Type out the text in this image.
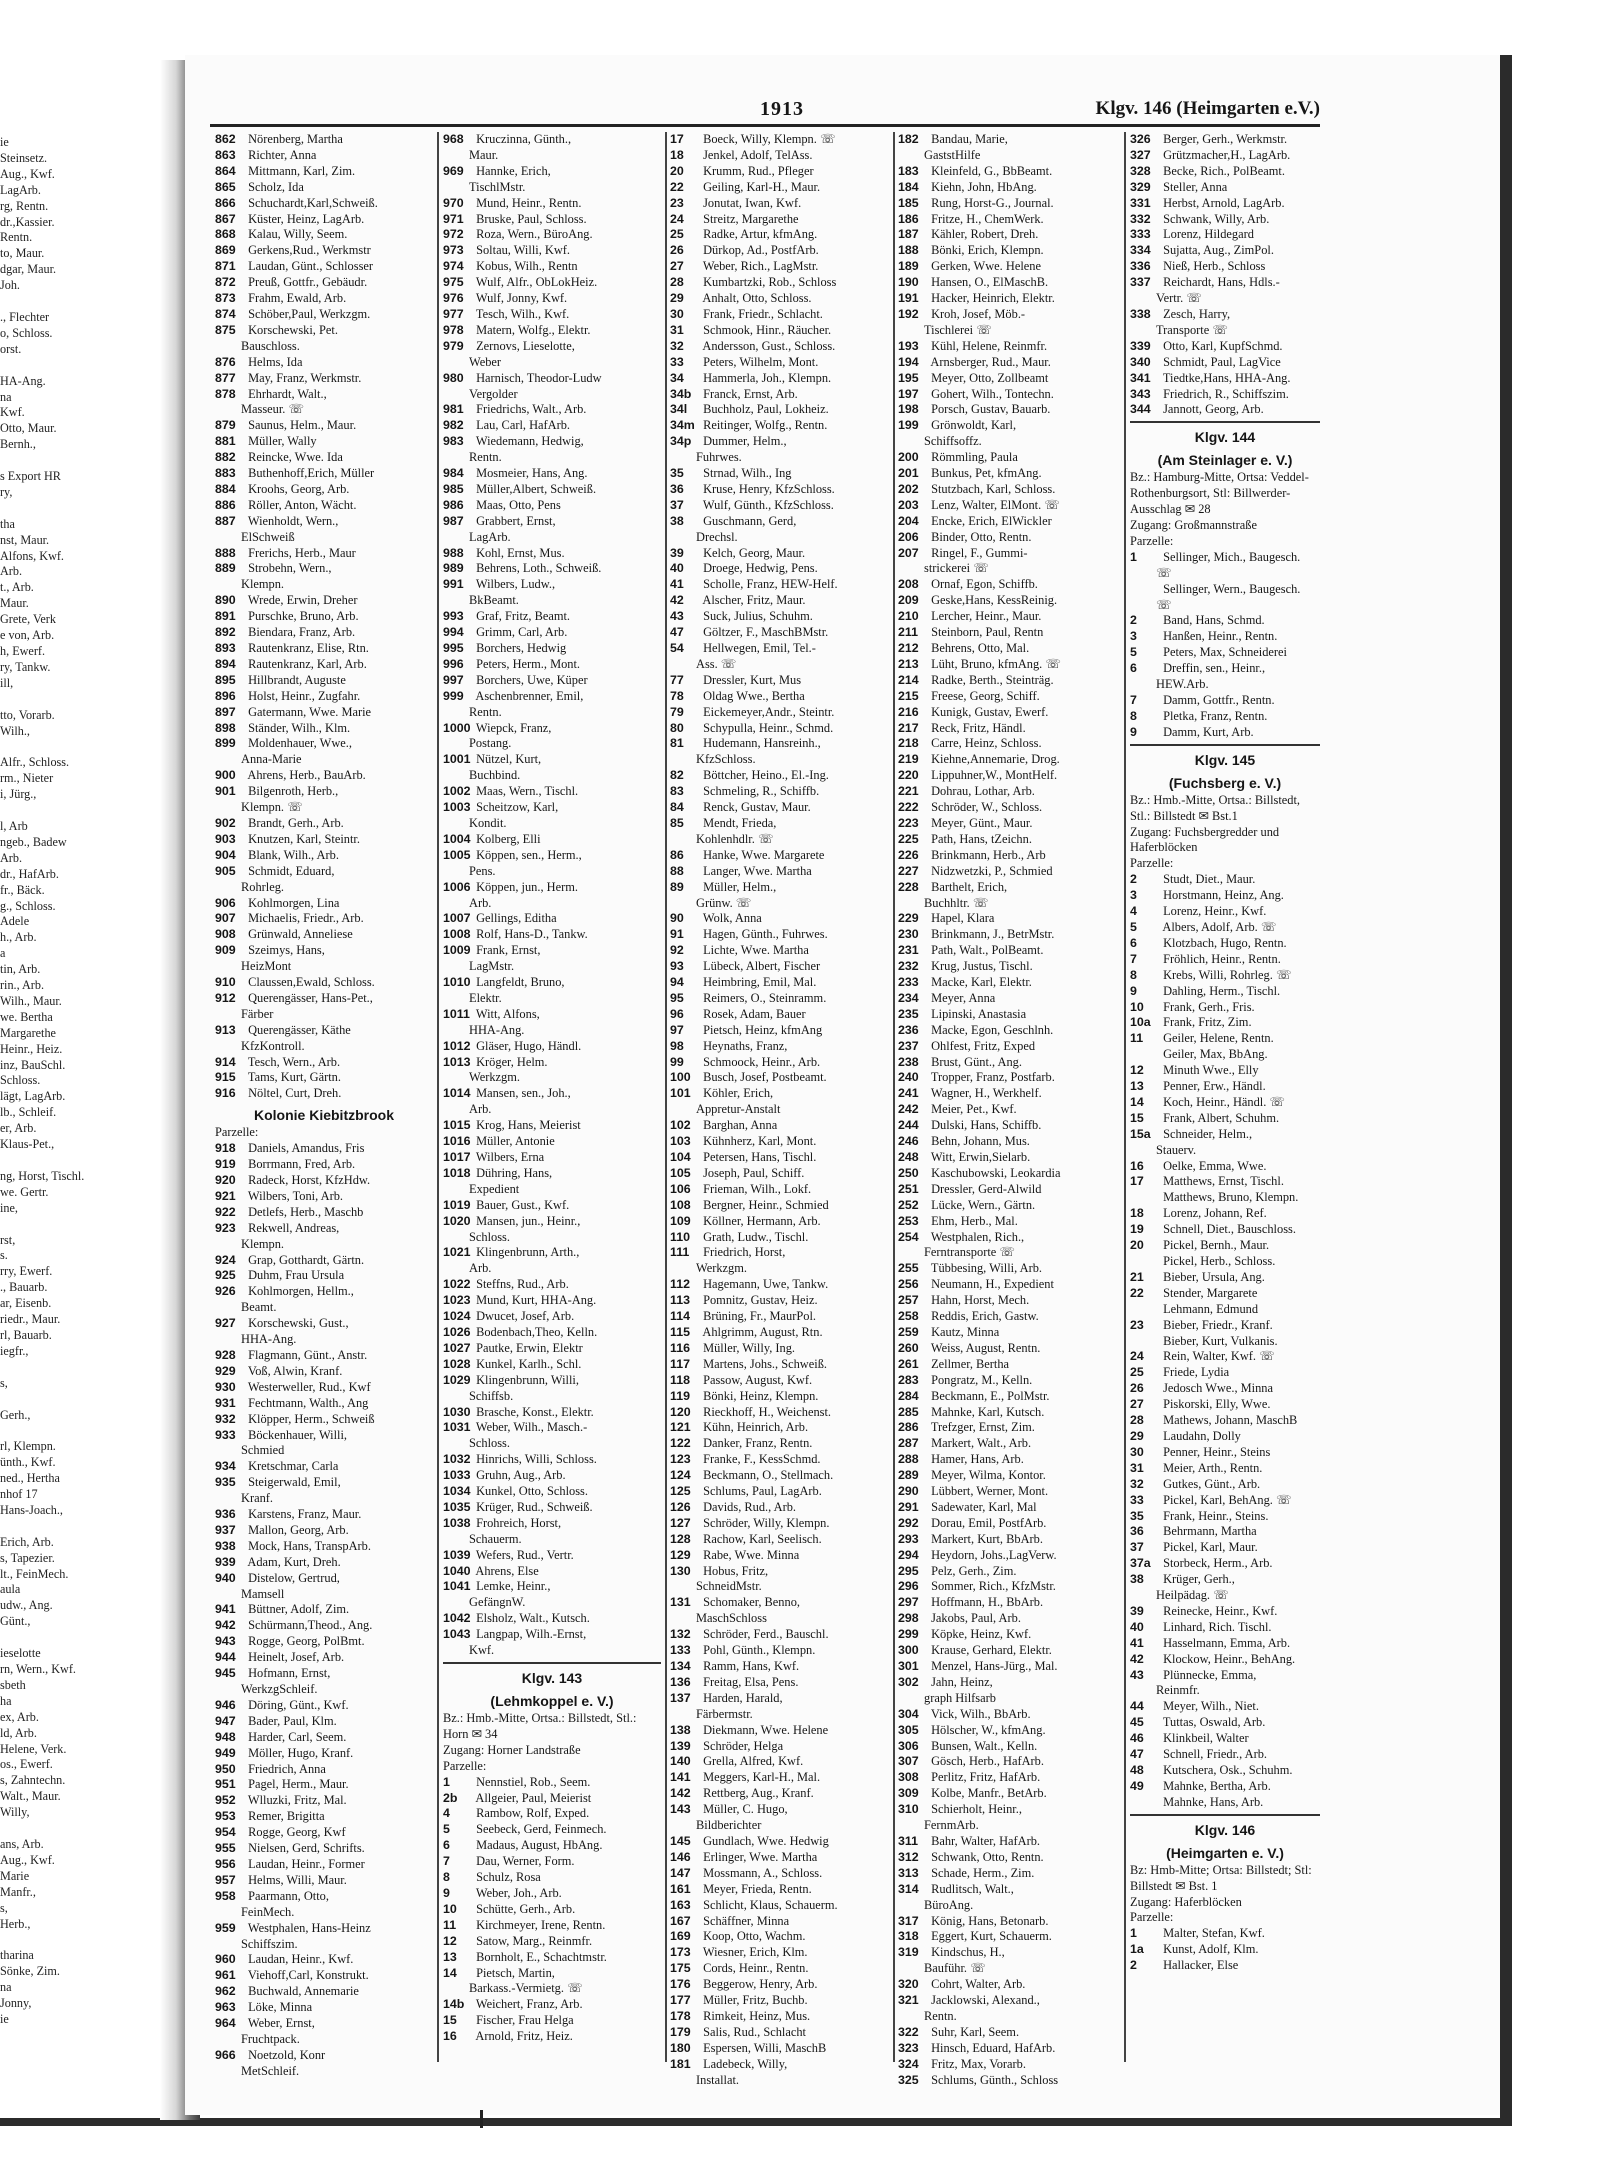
ie
Steinsetz.
Aug., Kwf.
LagArb.
rg, Rentn.
dr.,Kassier.
Rentn.
to, Maur.
dgar, Maur.
Joh.

., Flechter
o, Schloss.
orst.

HA-Ang.
na
Kwf.
Otto, Maur.
Bernh.,

s Export HR
ry,

tha
nst, Maur.
Alfons, Kwf.
Arb.
t., Arb.
Maur.
Grete, Verk
e von, Arb.
h, Ewerf.
ry, Tankw.
ill,

tto, Vorarb.
Wilh.,

Alfr., Schloss.
rm., Nieter
i, Jürg.,

l, Arb
ngeb., Badew
Arb.
dr., HafArb.
fr., Bäck.
g., Schloss.
Adele
h., Arb.
a
tin, Arb.
rin., Arb.
Wilh., Maur.
we. Bertha
Margarethe
Heinr., Heiz.
inz, BauSchl.
Schloss.
lägt, LagArb.
lb., Schleif.
er, Arb.
Klaus-Pet.,

ng, Horst, Tischl.
we. Gertr.
ine,

rst,
s.
rry, Ewerf.
., Bauarb.
ar, Eisenb.
riedr., Maur.
rl, Bauarb.
iegfr.,

s,

Gerh.,

rl, Klempn.
ünth., Kwf.
ned., Hertha
nhof 17
Hans-Joach.,

Erich, Arb.
s, Tapezier.
lt., FeinMech.
aula
udw., Ang.
Günt.,

ieselotte
rn, Wern., Kwf.
sbeth
ha
ex, Arb.
ld, Arb.
Helene, Verk.
os., Ewerf.
s, Zahntechn.
Walt., Maur.
Willy,

ans, Arb.
Aug., Kwf.
Marie
Manfr.,
s,
Herb.,

tharina
Sönke, Zim.
na
Jonny,
ie
1913	Klgv. 146 (Heimgarten e.V.)
862 Nörenberg, Martha
863 Richter, Anna
864 Mittmann, Karl, Zim.
865 Scholz, Ida
866 Schuchardt,Karl,Schweiß.
867 Küster, Heinz, LagArb.
868 Kalau, Willy, Seem.
869 Gerkens,Rud., Werkmstr
871 Laudan, Günt., Schlosser
872 Preuß, Gottfr., Gebäudr.
873 Frahm, Ewald, Arb.
874 Schöber,Paul, Werkzgm.
875 Korschewski, Pet.
Bauschloss.
876 Helms, Ida
877 May, Franz, Werkmstr.
878 Ehrhardt, Walt.,
Masseur. ☏
879 Saunus, Helm., Maur.
881 Müller, Wally
882 Reincke, Wwe. Ida
883 Buthenhoff,Erich, Müller
884 Kroohs, Georg, Arb.
886 Röller, Anton, Wächt.
887 Wienholdt, Wern.,
ElSchweiß
888 Frerichs, Herb., Maur
889 Strobehn, Wern.,
Klempn.
890 Wrede, Erwin, Dreher
891 Purschke, Bruno, Arb.
892 Biendara, Franz, Arb.
893 Rautenkranz, Elise, Rtn.
894 Rautenkranz, Karl, Arb.
895 Hillbrandt, Auguste
896 Holst, Heinr., Zugfahr.
897 Gatermann, Wwe. Marie
898 Ständer, Wilh., Klm.
899 Moldenhauer, Wwe.,
Anna-Marie
900 Ahrens, Herb., BauArb.
901 Bilgenroth, Herb.,
Klempn. ☏
902 Brandt, Gerh., Arb.
903 Knutzen, Karl, Steintr.
904 Blank, Wilh., Arb.
905 Schmidt, Eduard,
Rohrleg.
906 Kohlmorgen, Lina
907 Michaelis, Friedr., Arb.
908 Grünwald, Anneliese
909 Szeimys, Hans,
HeizMont
910 Claussen,Ewald, Schloss.
912 Querengässer, Hans-Pet.,
Färber
913 Querengässer, Käthe
KfzKontroll.
914 Tesch, Wern., Arb.
915 Tams, Kurt, Gärtn.
916 Nöltel, Curt, Dreh.
Kolonie Kiebitzbrook
Parzelle:
918 Daniels, Amandus, Fris
919 Borrmann, Fred, Arb.
920 Radeck, Horst, KfzHdw.
921 Wilbers, Toni, Arb.
922 Detlefs, Herb., Maschb
923 Rekwell, Andreas,
Klempn.
924 Grap, Gotthardt, Gärtn.
925 Duhm, Frau Ursula
926 Kohlmorgen, Hellm.,
Beamt.
927 Korschewski, Gust.,
HHA-Ang.
928 Flagmann, Günt., Anstr.
929 Voß, Alwin, Kranf.
930 Westerweller, Rud., Kwf
931 Fechtmann, Walth., Ang
932 Klöpper, Herm., Schweiß
933 Böckenhauer, Willi,
Schmied
934 Kretschmar, Carla
935 Steigerwald, Emil,
Kranf.
936 Karstens, Franz, Maur.
937 Mallon, Georg, Arb.
938 Mock, Hans, TranspArb.
939 Adam, Kurt, Dreh.
940 Distelow, Gertrud,
Mamsell
941 Büttner, Adolf, Zim.
942 Schürmann,Theod., Ang.
943 Rogge, Georg, PolBmt.
944 Heinelt, Josef, Arb.
945 Hofmann, Ernst,
WerkzgSchleif.
946 Döring, Günt., Kwf.
947 Bader, Paul, Klm.
948 Harder, Carl, Seem.
949 Möller, Hugo, Kranf.
950 Friedrich, Anna
951 Pagel, Herm., Maur.
952 Wlluzki, Fritz, Mal.
953 Remer, Brigitta
954 Rogge, Georg, Kwf
955 Nielsen, Gerd, Schrifts.
956 Laudan, Heinr., Former
957 Helms, Willi, Maur.
958 Paarmann, Otto,
FeinMech.
959 Westphalen, Hans-Heinz
Schiffszim.
960 Laudan, Heinr., Kwf.
961 Viehoff,Carl, Konstrukt.
962 Buchwald, Annemarie
963 Löke, Minna
964 Weber, Ernst,
Fruchtpack.
966 Noetzold, Konr
MetSchleif.
968 Kruczinna, Günth.,
Maur.
969 Hannke, Erich,
TischlMstr.
970 Mund, Heinr., Rentn.
971 Bruske, Paul, Schloss.
972 Roza, Wern., BüroAng.
973 Soltau, Willi, Kwf.
974 Kobus, Wilh., Rentn
975 Wulf, Alfr., ObLokHeiz.
976 Wulf, Jonny, Kwf.
977 Tesch, Wilh., Kwf.
978 Matern, Wolfg., Elektr.
979 Zernovs, Lieselotte,
Weber
980 Harnisch, Theodor-Ludw
Vergolder
981 Friedrichs, Walt., Arb.
982 Lau, Carl, HafArb.
983 Wiedemann, Hedwig,
Rentn.
984 Mosmeier, Hans, Ang.
985 Müller,Albert, Schweiß.
986 Maas, Otto, Pens
987 Grabbert, Ernst,
LagArb.
988 Kohl, Ernst, Mus.
989 Behrens, Loth., Schweiß.
991 Wilbers, Ludw.,
BkBeamt.
993 Graf, Fritz, Beamt.
994 Grimm, Carl, Arb.
995 Borchers, Hedwig
996 Peters, Herm., Mont.
997 Borchers, Uwe, Küper
999 Aschenbrenner, Emil,
Rentn.
1000 Wiepck, Franz,
Postang.
1001 Nützel, Kurt,
Buchbind.
1002 Maas, Wern., Tischl.
1003 Scheitzow, Karl,
Kondit.
1004 Kolberg, Elli
1005 Köppen, sen., Herm.,
Pens.
1006 Köppen, jun., Herm.
Arb.
1007 Gellings, Editha
1008 Rolf, Hans-D., Tankw.
1009 Frank, Ernst,
LagMstr.
1010 Langfeldt, Bruno,
Elektr.
1011 Witt, Alfons,
HHA-Ang.
1012 Gläser, Hugo, Händl.
1013 Kröger, Helm.
Werkzgm.
1014 Mansen, sen., Joh.,
Arb.
1015 Krog, Hans, Meierist
1016 Müller, Antonie
1017 Wilbers, Erna
1018 Dühring, Hans,
Expedient
1019 Bauer, Gust., Kwf.
1020 Mansen, jun., Heinr.,
Schloss.
1021 Klingenbrunn, Arth.,
Arb.
1022 Steffns, Rud., Arb.
1023 Mund, Kurt, HHA-Ang.
1024 Dwucet, Josef, Arb.
1026 Bodenbach,Theo, Kelln.
1027 Pautke, Erwin, Elektr
1028 Kunkel, Karlh., Schl.
1029 Klingenbrunn, Willi,
Schiffsb.
1030 Brasche, Konst., Elektr.
1031 Weber, Wilh., Masch.-
Schloss.
1032 Hinrichs, Willi, Schloss.
1033 Gruhn, Aug., Arb.
1034 Kunkel, Otto, Schloss.
1035 Krüger, Rud., Schweiß.
1038 Frohreich, Horst,
Schauerm.
1039 Wefers, Rud., Vertr.
1040 Ahrens, Else
1041 Lemke, Heinr.,
GefängnW.
1042 Elsholz, Walt., Kutsch.
1043 Langpap, Wilh.-Ernst,
Kwf.
Klgv. 143
(Lehmkoppel e. V.)
Bz.: Hmb.-Mitte, Ortsa.: Billstedt, Stl.: Horn ✉ 34
Zugang: Horner Landstraße
Parzelle:
1 Nennstiel, Rob., Seem.
2b Allgeier, Paul, Meierist
4 Rambow, Rolf, Exped.
5 Seebeck, Gerd, Feinmech.
6 Madaus, August, HbAng.
7 Dau, Werner, Form.
8 Schulz, Rosa
9 Weber, Joh., Arb.
10 Schütte, Gerh., Arb.
11 Kirchmeyer, Irene, Rentn.
12 Satow, Marg., Reinmfr.
13 Bornholt, E., Schachtmstr.
14 Pietsch, Martin,
Barkass.-Vermietg. ☏
14b Weichert, Franz, Arb.
15 Fischer, Frau Helga
16 Arnold, Fritz, Heiz.
17 Boeck, Willy, Klempn. ☏
18 Jenkel, Adolf, TelAss.
20 Krumm, Rud., Pfleger
22 Geiling, Karl-H., Maur.
23 Jonutat, Iwan, Kwf.
24 Streitz, Margarethe
25 Radke, Artur, kfmAng.
26 Dürkop, Ad., PostfArb.
27 Weber, Rich., LagMstr.
28 Kumbartzki, Rob., Schloss
29 Anhalt, Otto, Schloss.
30 Frank, Friedr., Schlacht.
31 Schmook, Hinr., Räucher.
32 Andersson, Gust., Schloss.
33 Peters, Wilhelm, Mont.
34 Hammerla, Joh., Klempn.
34b Franck, Ernst, Arb.
34l Buchholz, Paul, Lokheiz.
34m Reitinger, Wolfg., Rentn.
34p Dummer, Helm.,
Fuhrwes.
35 Strnad, Wilh., Ing
36 Kruse, Henry, KfzSchloss.
37 Wulf, Günth., KfzSchloss.
38 Guschmann, Gerd,
Drechsl.
39 Kelch, Georg, Maur.
40 Droege, Hedwig, Pens.
41 Scholle, Franz, HEW-Helf.
42 Alscher, Fritz, Maur.
43 Suck, Julius, Schuhm.
47 Göltzer, F., MaschBMstr.
54 Hellwegen, Emil, Tel.-
Ass. ☏
77 Dressler, Kurt, Mus
78 Oldag Wwe., Bertha
79 Eickemeyer,Andr., Steintr.
80 Schypulla, Heinr., Schmd.
81 Hudemann, Hansreinh.,
KfzSchloss.
82 Böttcher, Heino., El.-Ing.
83 Schmeling, R., Schiffb.
84 Renck, Gustav, Maur.
85 Mendt, Frieda,
Kohlenhdlr. ☏
86 Hanke, Wwe. Margarete
88 Langer, Wwe. Martha
89 Müller, Helm.,
Grünw. ☏
90 Wolk, Anna
91 Hagen, Günth., Fuhrwes.
92 Lichte, Wwe. Martha
93 Lübeck, Albert, Fischer
94 Heimbring, Emil, Mal.
95 Reimers, O., Steinramm.
96 Rosek, Adam, Bauer
97 Pietsch, Heinz, kfmAng
98 Heynaths, Franz,
99 Schmoock, Heinr., Arb.
100 Busch, Josef, Postbeamt.
101 Köhler, Erich,
Appretur-Anstalt
102 Barghan, Anna
103 Kühnherz, Karl, Mont.
104 Petersen, Hans, Tischl.
105 Joseph, Paul, Schiff.
106 Frieman, Wilh., Lokf.
108 Bergner, Heinr., Schmied
109 Köllner, Hermann, Arb.
110 Grath, Ludw., Tischl.
111 Friedrich, Horst,
Werkzgm.
112 Hagemann, Uwe, Tankw.
113 Pomnitz, Gustav, Heiz.
114 Brüning, Fr., MaurPol.
115 Ahlgrimm, August, Rtn.
116 Müller, Willy, Ing.
117 Martens, Johs., Schweiß.
118 Passow, August, Kwf.
119 Bönki, Heinz, Klempn.
120 Rieckhoff, H., Weichenst.
121 Kühn, Heinrich, Arb.
122 Danker, Franz, Rentn.
123 Franke, F., KessSchmd.
124 Beckmann, O., Stellmach.
125 Schlums, Paul, LagArb.
126 Davids, Rud., Arb.
127 Schröder, Willy, Klempn.
128 Rachow, Karl, Seelisch.
129 Rabe, Wwe. Minna
130 Hobus, Fritz,
SchneidMstr.
131 Schomaker, Benno,
MaschSchloss
132 Schröder, Ferd., Bauschl.
133 Pohl, Günth., Klempn.
134 Ramm, Hans, Kwf.
136 Freitag, Elsa, Pens.
137 Harden, Harald,
Färbermstr.
138 Diekmann, Wwe. Helene
139 Schröder, Helga
140 Grella, Alfred, Kwf.
141 Meggers, Karl-H., Mal.
142 Rettberg, Aug., Kranf.
143 Müller, C. Hugo,
Bildberichter
145 Gundlach, Wwe. Hedwig
146 Erlinger, Wwe. Martha
147 Mossmann, A., Schloss.
161 Meyer, Frieda, Rentn.
163 Schlicht, Klaus, Schauerm.
167 Schäffner, Minna
169 Koop, Otto, Wachm.
173 Wiesner, Erich, Klm.
175 Cords, Heinr., Rentn.
176 Beggerow, Henry, Arb.
177 Müller, Fritz, Buchb.
178 Rimkeit, Heinz, Mus.
179 Salis, Rud., Schlacht
180 Espersen, Willi, MaschB
181 Ladebeck, Willy,
Installat.
182 Bandau, Marie,
GaststHilfe
183 Kleinfeld, G., BbBeamt.
184 Kiehn, John, HbAng.
185 Rung, Horst-G., Journal.
186 Fritze, H., ChemWerk.
187 Kähler, Robert, Dreh.
188 Bönki, Erich, Klempn.
189 Gerken, Wwe. Helene
190 Hansen, O., ElMaschB.
191 Hacker, Heinrich, Elektr.
192 Kroh, Josef, Möb.-
Tischlerei ☏
193 Kühl, Helene, Reinmfr.
194 Arnsberger, Rud., Maur.
195 Meyer, Otto, Zollbeamt
197 Gohert, Wilh., Tontechn.
198 Porsch, Gustav, Bauarb.
199 Grönwoldt, Karl,
Schiffsoffz.
200 Römmling, Paula
201 Bunkus, Pet, kfmAng.
202 Stutzbach, Karl, Schloss.
203 Lenz, Walter, ElMont. ☏
204 Encke, Erich, ElWickler
206 Binder, Otto, Rentn.
207 Ringel, F., Gummi-
strickerei ☏
208 Ornaf, Egon, Schiffb.
209 Geske,Hans, KessReinig.
210 Lercher, Heinr., Maur.
211 Steinborn, Paul, Rentn
212 Behrens, Otto, Mal.
213 Lüht, Bruno, kfmAng. ☏
214 Radke, Berth., Steinträg.
215 Freese, Georg, Schiff.
216 Kunigk, Gustav, Ewerf.
217 Reck, Fritz, Händl.
218 Carre, Heinz, Schloss.
219 Kiehne,Annemarie, Drog.
220 Lippuhner,W., MontHelf.
221 Dohrau, Lothar, Arb.
222 Schröder, W., Schloss.
223 Meyer, Günt., Maur.
225 Path, Hans, tZeichn.
226 Brinkmann, Herb., Arb
227 Nidzwetzki, P., Schmied
228 Barthelt, Erich,
Buchhltr. ☏
229 Hapel, Klara
230 Brinkmann, J., BetrMstr.
231 Path, Walt., PolBeamt.
232 Krug, Justus, Tischl.
233 Macke, Karl, Elektr.
234 Meyer, Anna
235 Lipinski, Anastasia
236 Macke, Egon, Geschlnh.
237 Ohlfest, Fritz, Exped
238 Brust, Günt., Ang.
240 Tropper, Franz, Postfarb.
241 Wagner, H., Werkhelf.
242 Meier, Pet., Kwf.
244 Dulski, Hans, Schiffb.
246 Behn, Johann, Mus.
248 Witt, Erwin,Sielarb.
250 Kaschubowski, Leokardia
251 Dressler, Gerd-Alwild
252 Lücke, Wern., Gärtn.
253 Ehm, Herb., Mal.
254 Westphalen, Rich.,
Ferntransporte ☏
255 Tübbesing, Willi, Arb.
256 Neumann, H., Expedient
257 Hahn, Horst, Mech.
258 Reddis, Erich, Gastw.
259 Kautz, Minna
260 Weiss, August, Rentn.
261 Zellmer, Bertha
283 Pongratz, M., Kelln.
284 Beckmann, E., PolMstr.
285 Mahnke, Karl, Kutsch.
286 Trefzger, Ernst, Zim.
287 Markert, Walt., Arb.
288 Hamer, Hans, Arb.
289 Meyer, Wilma, Kontor.
290 Lübbert, Werner, Mont.
291 Sadewater, Karl, Mal
292 Dorau, Emil, PostfArb.
293 Markert, Kurt, BbArb.
294 Heydorn, Johs.,LagVerw.
295 Pelz, Gerh., Zim.
296 Sommer, Rich., KfzMstr.
297 Hoffmann, H., BbArb.
298 Jakobs, Paul, Arb.
299 Köpke, Heinz, Kwf.
300 Krause, Gerhard, Elektr.
301 Menzel, Hans-Jürg., Mal.
302 Jahn, Heinz,
graph Hilfsarb
304 Vick, Wilh., BbArb.
305 Hölscher, W., kfmAng.
306 Bunsen, Walt., Kelln.
307 Gösch, Herb., HafArb.
308 Perlitz, Fritz, HafArb.
309 Kolbe, Manfr., BetArb.
310 Schierholt, Heinr.,
FernmArb.
311 Bahr, Walter, HafArb.
312 Schwank, Otto, Rentn.
313 Schade, Herm., Zim.
314 Rudlitsch, Walt.,
BüroAng.
317 König, Hans, Betonarb.
318 Eggert, Kurt, Schauerm.
319 Kindschus, H.,
Bauführ. ☏
320 Cohrt, Walter, Arb.
321 Jacklowski, Alexand.,
Rentn.
322 Suhr, Karl, Seem.
323 Hinsch, Eduard, HafArb.
324 Fritz, Max, Vorarb.
325 Schlums, Günth., Schloss
326 Berger, Gerh., Werkmstr.
327 Grützmacher,H., LagArb.
328 Becke, Rich., PolBeamt.
329 Steller, Anna
331 Herbst, Arnold, LagArb.
332 Schwank, Willy, Arb.
333 Lorenz, Hildegard
334 Sujatta, Aug., ZimPol.
336 Nieß, Herb., Schloss
337 Reichardt, Hans, Hdls.-
Vertr. ☏
338 Zesch, Harry,
Transporte ☏
339 Otto, Karl, KupfSchmd.
340 Schmidt, Paul, LagVice
341 Tiedtke,Hans, HHA-Ang.
343 Friedrich, R., Schiffszim.
344 Jannott, Georg, Arb.
Klgv. 144
(Am Steinlager e. V.)
Bz.: Hamburg-Mitte, Ortsa: Veddel-Rothenburgsort, Stl: Billwerder-Ausschlag ✉ 28
Zugang: Großmannstraße
Parzelle:
1 Sellinger, Mich., Baugesch.
☏
Sellinger, Wern., Baugesch.
☏
2 Band, Hans, Schmd.
3 Hanßen, Heinr., Rentn.
5 Peters, Max, Schneiderei
6 Dreffin, sen., Heinr.,
HEW.Arb.
7 Damm, Gottfr., Rentn.
8 Pletka, Franz, Rentn.
9 Damm, Kurt, Arb.
Klgv. 145
(Fuchsberg e. V.)
Bz.: Hmb.-Mitte, Ortsa.: Billstedt, Stl.: Billstedt ✉ Bst.1
Zugang: Fuchsbergredder und Haferblöcken
Parzelle:
2 Studt, Diet., Maur.
3 Horstmann, Heinz, Ang.
4 Lorenz, Heinr., Kwf.
5 Albers, Adolf, Arb. ☏
6 Klotzbach, Hugo, Rentn.
7 Fröhlich, Heinr., Rentn.
8 Krebs, Willi, Rohrleg. ☏
9 Dahling, Herm., Tischl.
10 Frank, Gerh., Fris.
10a Frank, Fritz, Zim.
11 Geiler, Helene, Rentn.
Geiler, Max, BbAng.
12 Minuth Wwe., Elly
13 Penner, Erw., Händl.
14 Koch, Heinr., Händl. ☏
15 Frank, Albert, Schuhm.
15a Schneider, Helm.,
Stauerv.
16 Oelke, Emma, Wwe.
17 Matthews, Ernst, Tischl.
Matthews, Bruno, Klempn.
18 Lorenz, Johann, Ref.
19 Schnell, Diet., Bauschloss.
20 Pickel, Bernh., Maur.
Pickel, Herb., Schloss.
21 Bieber, Ursula, Ang.
22 Stender, Margarete
Lehmann, Edmund
23 Bieber, Friedr., Kranf.
Bieber, Kurt, Vulkanis.
24 Rein, Walter, Kwf. ☏
25 Friede, Lydia
26 Jedosch Wwe., Minna
27 Piskorski, Elly, Wwe.
28 Mathews, Johann, MaschB
29 Laudahn, Dolly
30 Penner, Heinr., Steins
31 Meier, Arth., Rentn.
32 Gutkes, Günt., Arb.
33 Pickel, Karl, BehAng. ☏
35 Frank, Heinr., Steins.
36 Behrmann, Martha
37 Pickel, Karl, Maur.
37a Storbeck, Herm., Arb.
38 Krüger, Gerh.,
Heilpädag. ☏
39 Reinecke, Heinr., Kwf.
40 Linhard, Rich. Tischl.
41 Hasselmann, Emma, Arb.
42 Klockow, Heinr., BehAng.
43 Plünnecke, Emma,
Reinmfr.
44 Meyer, Wilh., Niet.
45 Tuttas, Oswald, Arb.
46 Klinkbeil, Walter
47 Schnell, Friedr., Arb.
48 Kutschera, Osk., Schuhm.
49 Mahnke, Bertha, Arb.
Mahnke, Hans, Arb.
Klgv. 146
(Heimgarten e. V.)
Bz: Hmb-Mitte; Ortsa: Billstedt; Stl: Billstedt ✉ Bst. 1
Zugang: Haferblöcken
Parzelle:
1 Malter, Stefan, Kwf.
1a Kunst, Adolf, Klm.
2 Hallacker, Else
